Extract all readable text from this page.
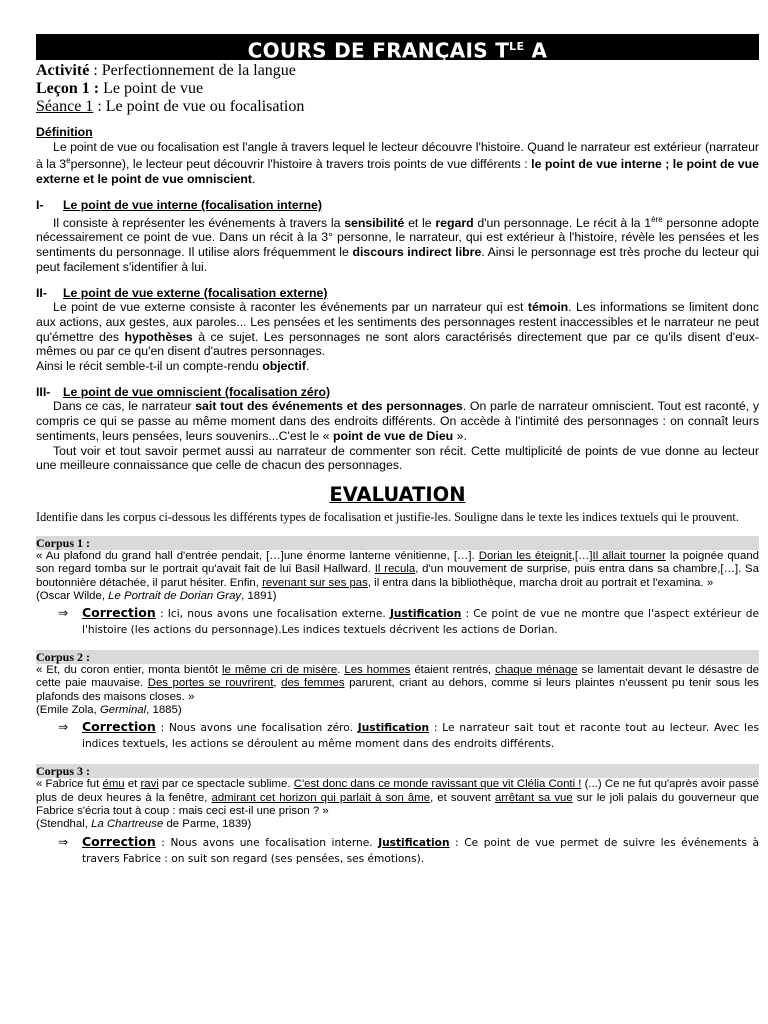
COURS DE FRANÇAIS $T^{LE}$ A
Activité : Perfectionnement de la langue
Leçon 1 : Le point de vue
Séance 1 : Le point de vue ou focalisation
Définition
Le point de vue ou focalisation est l'angle à travers lequel le lecteur découvre l'histoire. Quand le narrateur est extérieur (narrateur à la 3epersonne), le lecteur peut découvrir l'histoire à travers trois points de vue différents : le point de vue interne ; le point de vue externe et le point de vue omniscient.
I- Le point de vue interne (focalisation interne)
Il consiste à représenter les événements à travers la sensibilité et le regard d'un personnage. Le récit à la 1ère personne adopte nécessairement ce point de vue. Dans un récit à la 3° personne, le narrateur, qui est extérieur à l'histoire, révèle les pensées et les sentiments du personnage. Il utilise alors fréquemment le discours indirect libre. Ainsi le personnage est très proche du lecteur qui peut facilement s'identifier à lui.
II- Le point de vue externe (focalisation externe)
Le point de vue externe consiste à raconter les événements par un narrateur qui est témoin. Les informations se limitent donc aux actions, aux gestes, aux paroles... Les pensées et les sentiments des personnages restent inaccessibles et le narrateur ne peut qu'émettre des hypothèses à ce sujet. Les personnages ne sont alors caractérisés directement que par ce qu'ils disent d'eux-mêmes ou par ce qu'en disent d'autres personnages.
Ainsi le récit semble-t-il un compte-rendu objectif.
III- Le point de vue omniscient (focalisation zéro)
Dans ce cas, le narrateur sait tout des événements et des personnages. On parle de narrateur omniscient. Tout est raconté, y compris ce qui se passe au même moment dans des endroits différents. On accède à l'intimité des personnages : on connaît leurs sentiments, leurs pensées, leurs souvenirs...C'est le « point de vue de Dieu ».
Tout voir et tout savoir permet aussi au narrateur de commenter son récit. Cette multiplicité de points de vue donne au lecteur une meilleure connaissance que celle de chacun des personnages.
EVALUATION
Identifie dans les corpus ci-dessous les différents types de focalisation et justifie-les. Souligne dans le texte les indices textuels qui le prouvent.
Corpus 1 :
« Au plafond du grand hall d'entrée pendait, […]une énorme lanterne vénitienne, […]. Dorian les éteignit,[…]Il allait tourner la poignée quand son regard tomba sur le portrait qu'avait fait de lui Basil Hallward. Il recula, d'un mouvement de surprise, puis entra dans sa chambre,[…]. Sa boutonnière détachée, il parut hésiter. Enfin, revenant sur ses pas, il entra dans la bibliothèque, marcha droit au portrait et l'examina. »
(Oscar Wilde, Le Portrait de Dorian Gray, 1891)
⇒	Correction : Ici, nous avons une focalisation externe. Justification : Ce point de vue ne montre que l'aspect extérieur de l'histoire (les actions du personnage).Les indices textuels décrivent les actions de Dorian.
Corpus 2 :
« Et, du coron entier, monta bientôt le même cri de misère. Les hommes étaient rentrés, chaque ménage se lamentait devant le désastre de cette paie mauvaise. Des portes se rouvrirent, des femmes parurent, criant au dehors, comme si leurs plaintes n'eussent pu tenir sous les plafonds des maisons closes. »
(Emile Zola, Germinal, 1885)
⇒	Correction : Nous avons une focalisation zéro. Justification : Le narrateur sait tout et raconte tout au lecteur. Avec les indices textuels, les actions se déroulent au même moment dans des endroits différents.
Corpus 3 :
« Fabrice fut ému et ravi par ce spectacle sublime. C'est donc dans ce monde ravissant que vit Clélia Conti ! (...) Ce ne fut qu'après avoir passé plus de deux heures à la fenêtre, admirant cet horizon qui parlait à son âme, et souvent arrêtant sa vue sur le joli palais du gouverneur que Fabrice s'écria tout à coup : mais ceci est-il une prison ? »
(Stendhal, La Chartreuse de Parme, 1839)
⇒	Correction : Nous avons une focalisation interne. Justification : Ce point de vue permet de suivre les événements à travers Fabrice : on suit son regard (ses pensées, ses émotions).
